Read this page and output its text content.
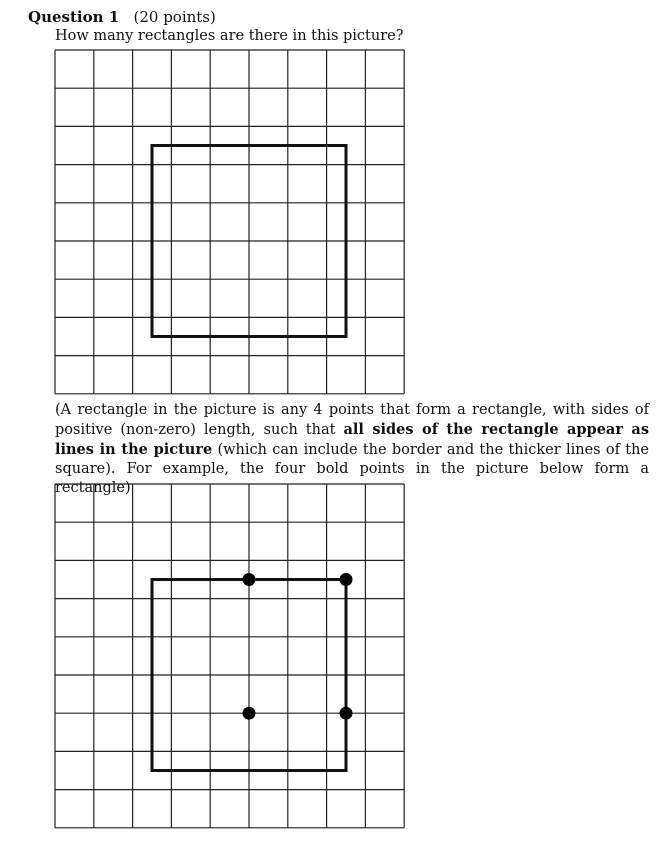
Question 1 (20 points)
How many rectangles are there in this picture?
(A rectangle in the picture is any 4 points that form a rectangle, with sides of positive (non-zero) length, such that all sides of the rectangle appear as lines in the picture (which can include the border and the thicker lines of the square). For example, the four bold points in the picture below form a rectangle)
